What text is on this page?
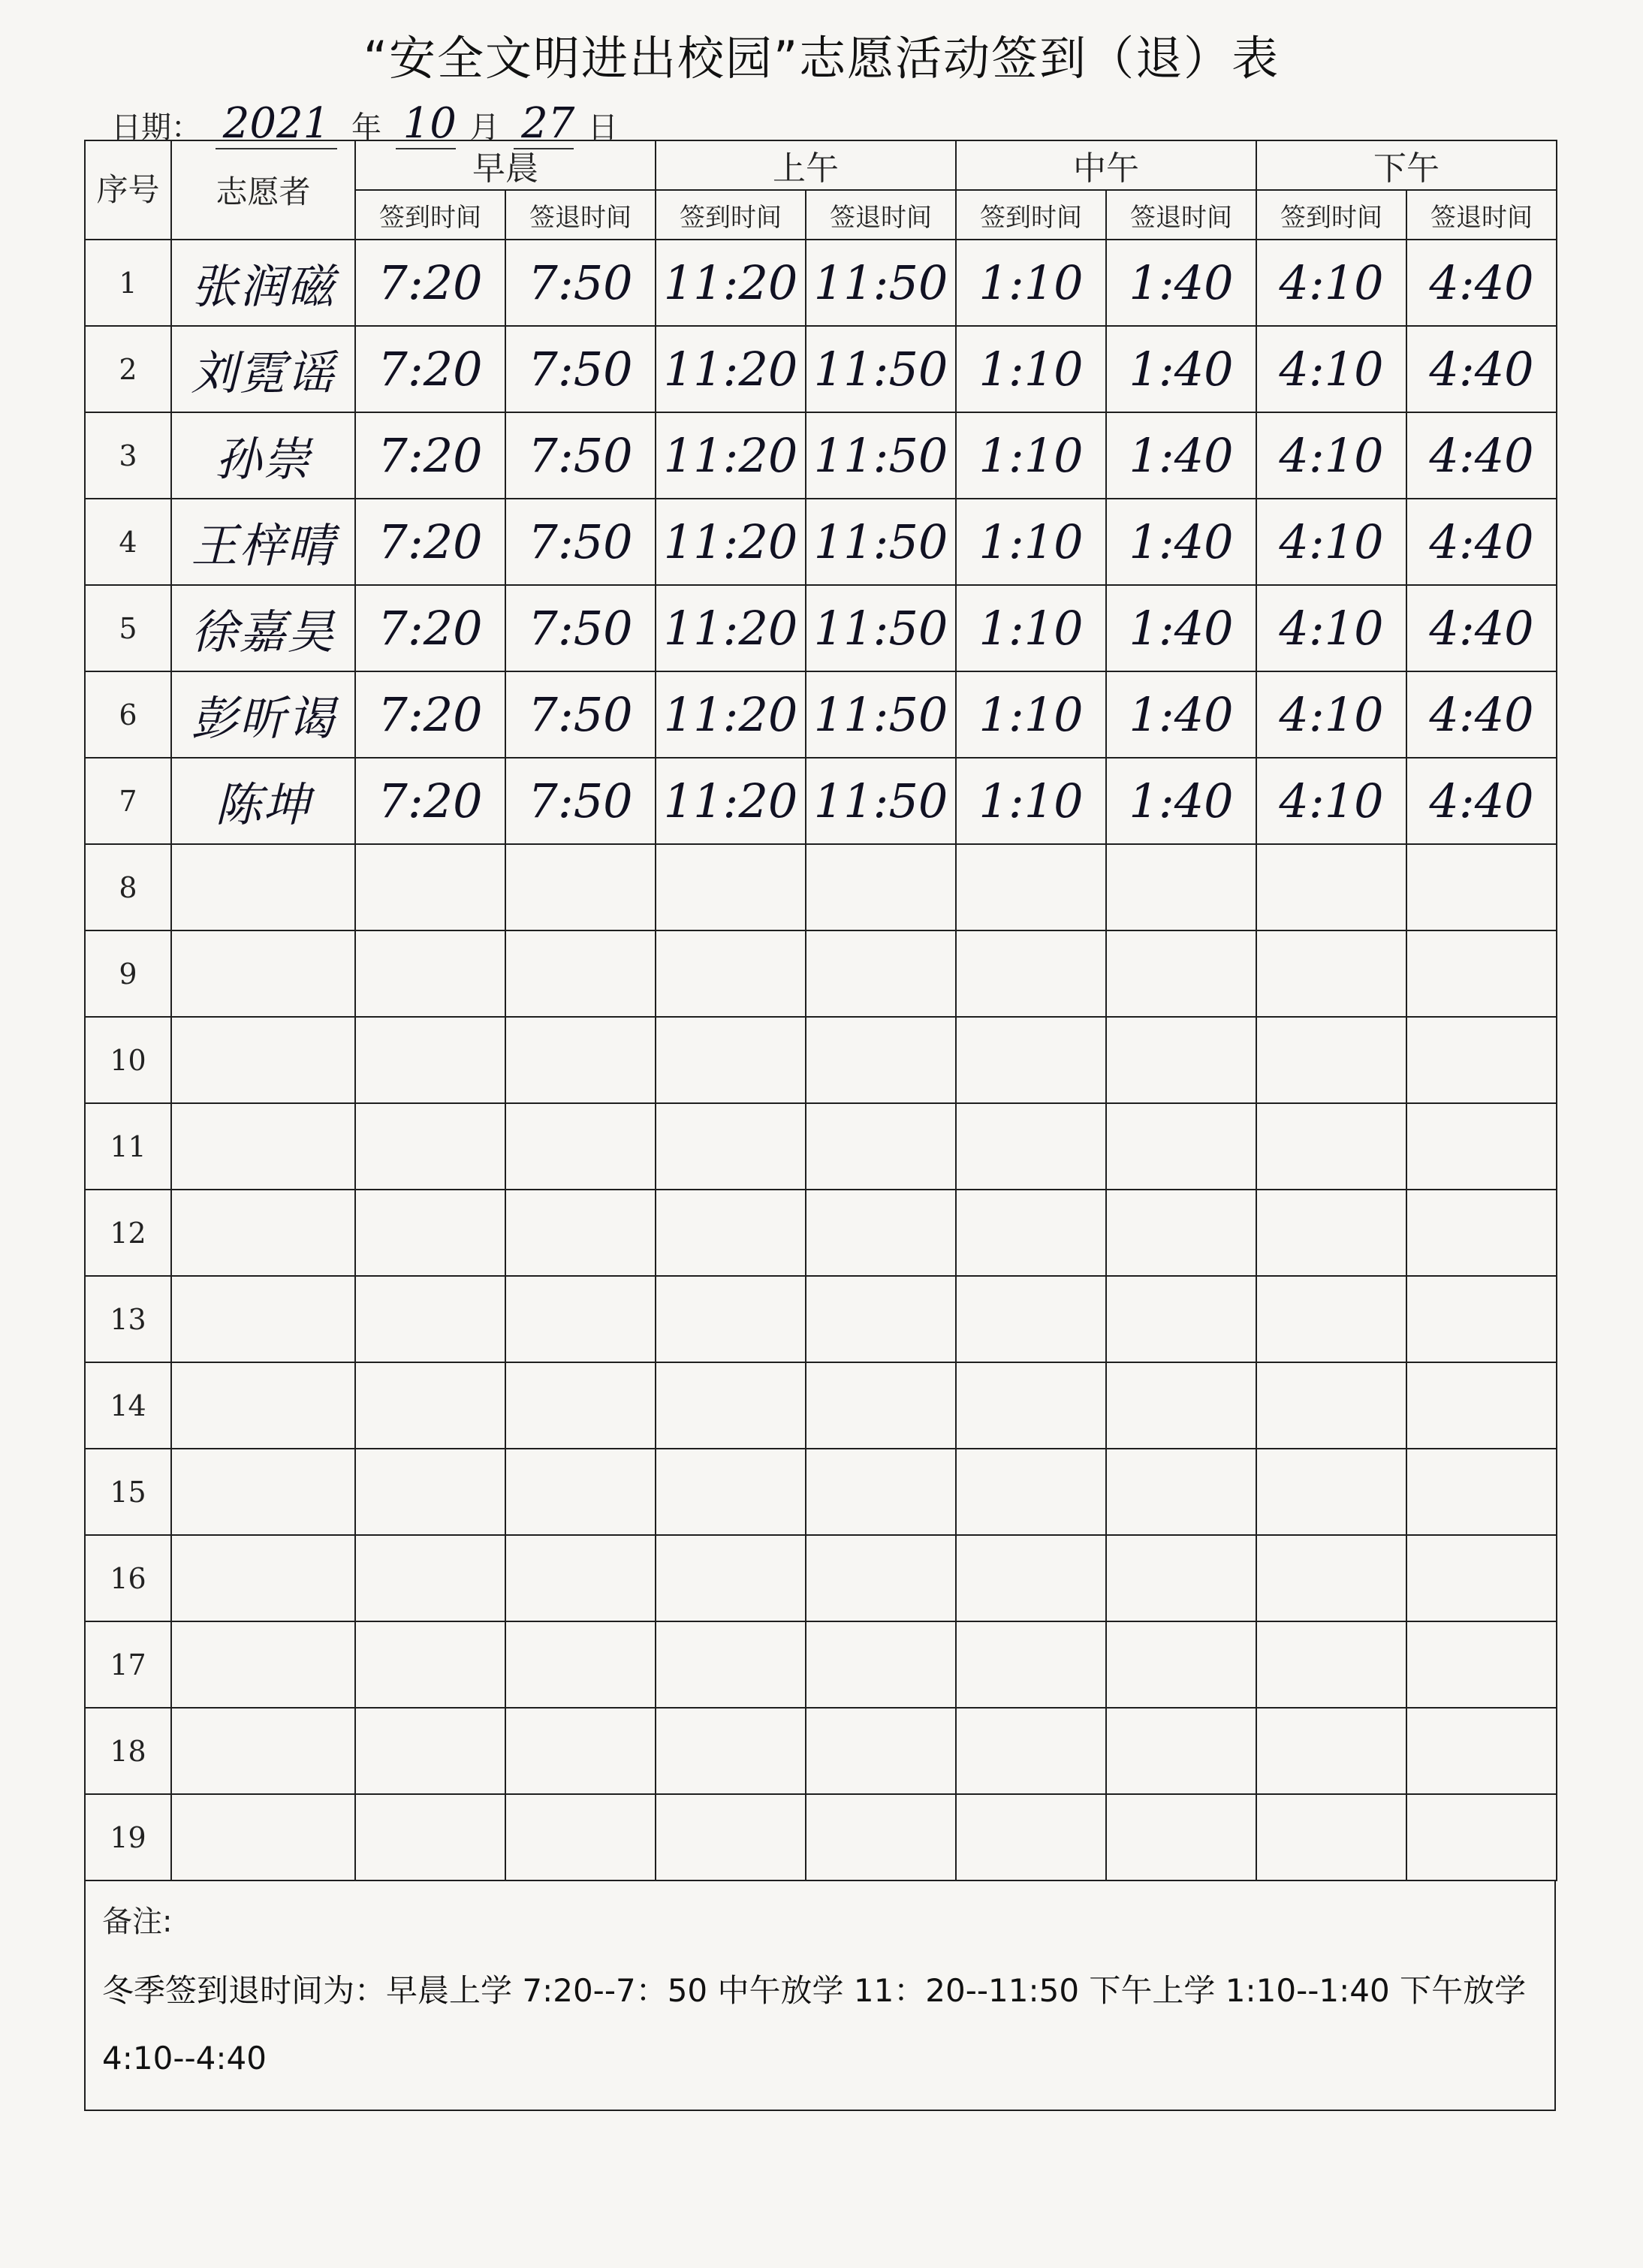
“安全文明进出校园”志愿活动签到（退）表
日期： 2021 年 10 月 27 日
序号	志愿者	早晨		上午		中午		下午	
		签到时间	签退时间	签到时间	签退时间	签到时间	签退时间	签到时间	签退时间
1	张润磁	7:20	7:50	11:20	11:50	1:10	1:40	4:10	4:40
2	刘霓谣	7:20	7:50	11:20	11:50	1:10	1:40	4:10	4:40
3	孙崇	7:20	7:50	11:20	11:50	1:10	1:40	4:10	4:40
4	王梓晴	7:20	7:50	11:20	11:50	1:10	1:40	4:10	4:40
5	徐嘉昊	7:20	7:50	11:20	11:50	1:10	1:40	4:10	4:40
6	彭昕谒	7:20	7:50	11:20	11:50	1:10	1:40	4:10	4:40
7	陈坤	7:20	7:50	11:20	11:50	1:10	1:40	4:10	4:40
8									
9									
10									
11									
12									
13									
14									
15									
16									
17									
18									
19									
备注:
冬季签到退时间为：早晨上学 7:20--7：50 中午放学 11：20--11:50 下午上学 1:10--1:40 下午放学 4:10--4:40
